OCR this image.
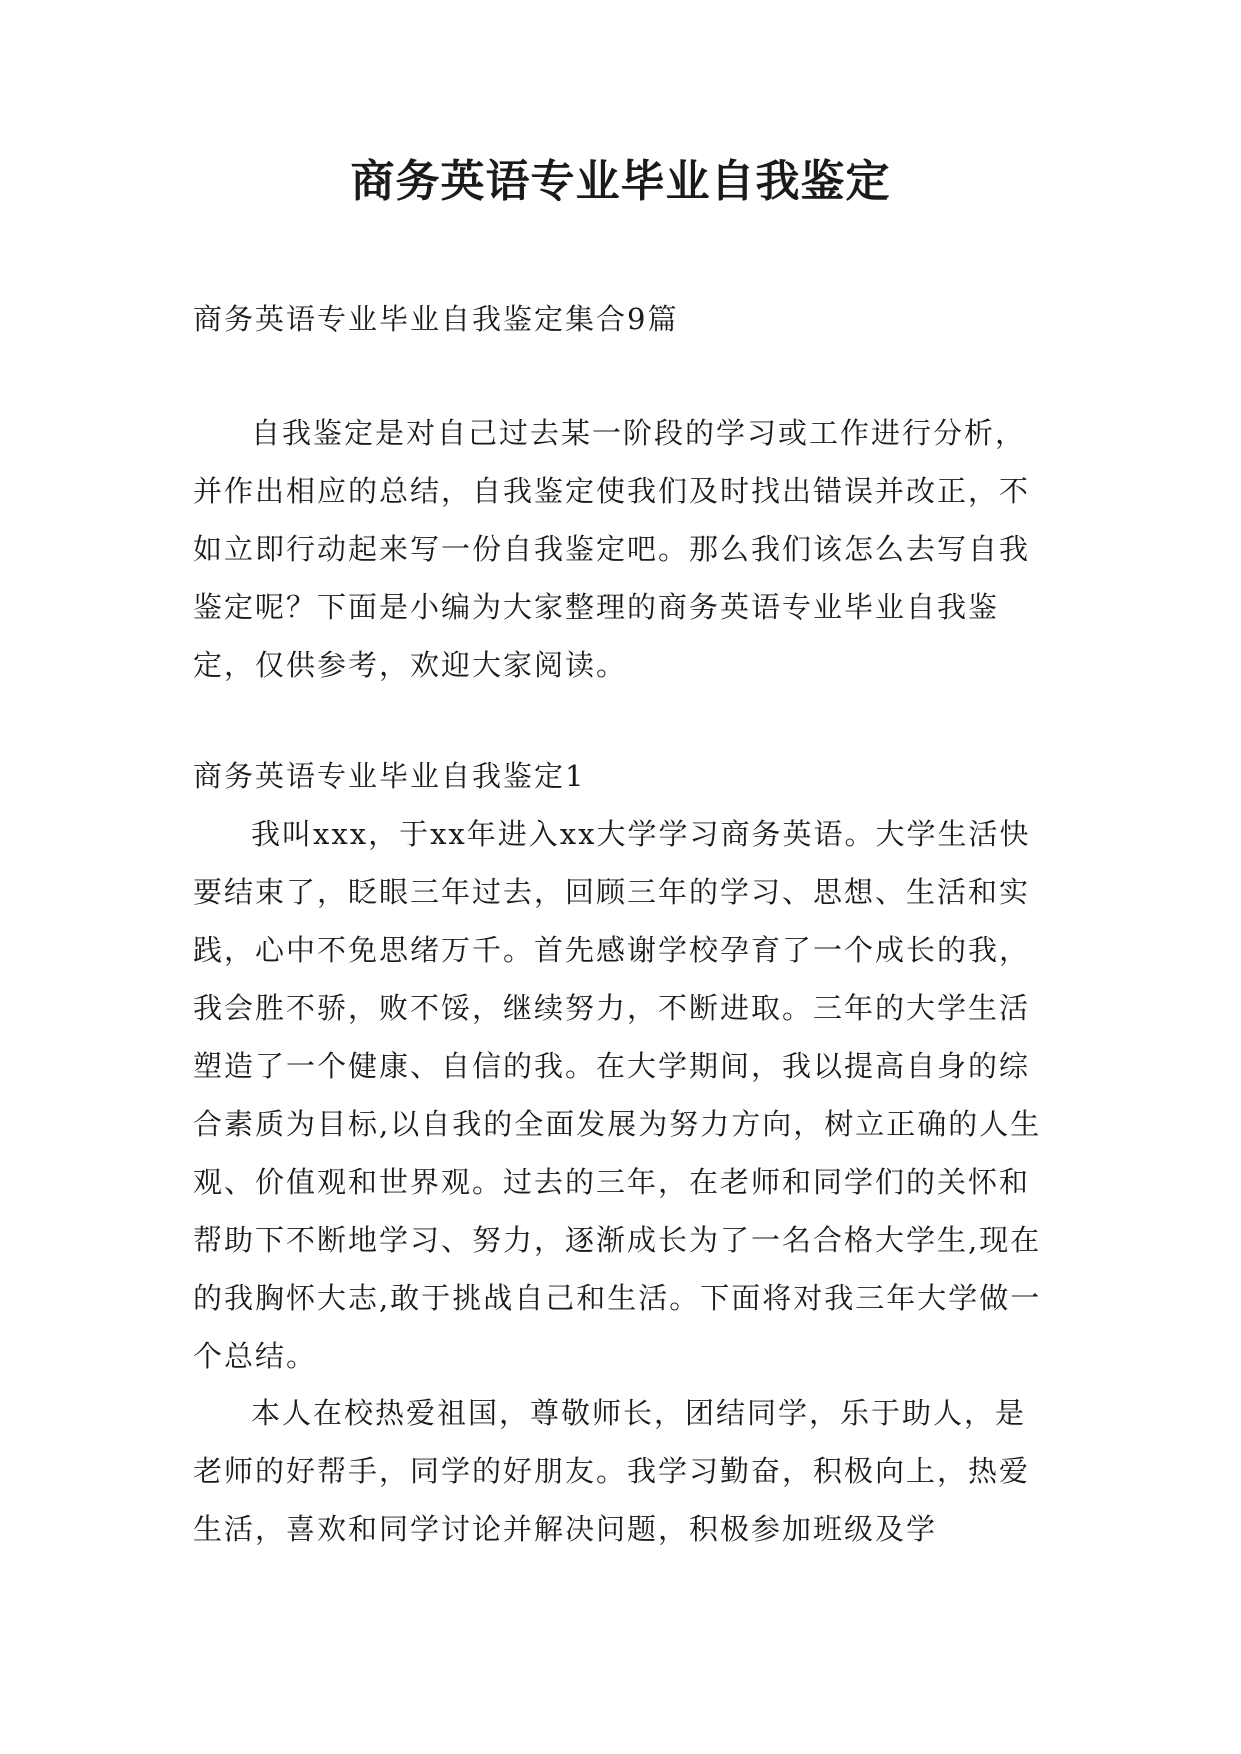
商务英语专业毕业自我鉴定

商务英语专业毕业自我鉴定集合9篇

自我鉴定是对自己过去某一阶段的学习或工作进行分析，并作出相应的总结，自我鉴定使我们及时找出错误并改正，不如立即行动起来写一份自我鉴定吧。那么我们该怎么去写自我鉴定呢？下面是小编为大家整理的商务英语专业毕业自我鉴定，仅供参考，欢迎大家阅读。

商务英语专业毕业自我鉴定1

我叫xxx，于xx年进入xx大学学习商务英语。大学生活快要结束了，眨眼三年过去，回顾三年的学习、思想、生活和实践，心中不免思绪万千。首先感谢学校孕育了一个成长的我，我会胜不骄，败不馁，继续努力，不断进取。三年的大学生活塑造了一个健康、自信的我。在大学期间，我以提高自身的综合素质为目标,以自我的全面发展为努力方向，树立正确的人生观、价值观和世界观。过去的三年，在老师和同学们的关怀和帮助下不断地学习、努力，逐渐成长为了一名合格大学生,现在的我胸怀大志,敢于挑战自己和生活。下面将对我三年大学做一个总结。

本人在校热爱祖国，尊敬师长，团结同学，乐于助人，是老师的好帮手，同学的好朋友。我学习勤奋，积极向上，热爱生活，喜欢和同学讨论并解决问题，积极参加班级及学
